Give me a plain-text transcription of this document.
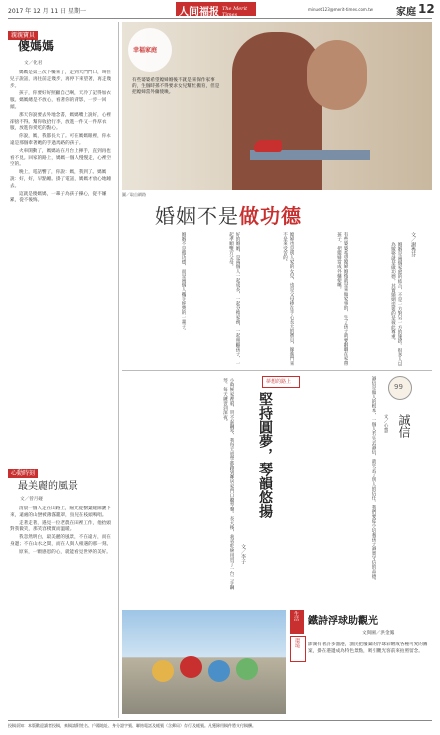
2017 年 12 月 11 日 星期一	人间福报 The Merit Times
minuet123@merit-times.com.tw 家庭 12
親親寶貝
傻媽媽
文／化君

媽媽是第三次下樓來了，走到大門門口，叫住兒子說話，再往前走幾步，再停下來望著，再走幾步。

孩子，你要好好照顧自己啊，天冷了記得加衣服。媽媽總是不放心，看著你的背影，一步一回頭。

那天你說要去外地念書，媽媽嘴上說好，心裡卻捨不得。幫你收拾行李，放進一件又一件厚衣服，放進你愛吃的點心。

你說，媽，我都長大了。可在媽媽眼裡，你永遠是那個牽著她的手過馬路的孩子。

火車開動了，媽媽站在月台上揮手，直到再也看不見。回家的路上，媽媽一個人慢慢走，心裡空空的。

晚上，電話響了，你說：媽，我到了。媽媽說：好，好，早點睡。掛了電話，媽媽才放心地睡去。

這就是傻媽媽，一輩子為孩子操心，從不嫌累，從不後悔。

心動時刻
最美麗的風景
文／曾月碰

清晨一個人走在山路上，陽光從樹葉縫隙灑下來，遠處的山巒被薄霧籠罩，鳥兒在枝頭鳴唱。

走著走著，遇見一位老農在田裡工作，他抬頭對我微笑，那笑容樸實而溫暖。

我忽然明白，最美麗的風景，不在遠方，而在身邊；不在山水之間，而在人與人相遇的那一刻。

原來，一顆感恩的心，就能看見世界的美好。

幸福家庭
有些婆婆希望媳婦婚後不就是來保作家事的，生個時孫不得要求女兒幫忙搬育，但是把媳婦當外傭使喚。
圖／取自網路
婚姻不是做功德
婚姻是兩個家庭的結合，不是一方對另一方的施捨。很多人以為嫁娶就是做功德，其實婚姻需要的是彼此尊重。
有些婆婆希望媳婦婚後就是來做家事的，生了孩子就要辭職在家帶孩子，把媳婦當成外傭使喚。
媳婦也是別人家的女兒，也是父母捧在手心長大的寶貝，嫁進門來不是來受苦的。
好的婚姻，是兩個人一起成長，一起分擔家務，一起照顧孩子，一起孝順雙方父母。
婚姻不是做功德，而是兩個人攜手經營的一輩子。	文／謝秀芬
夢想的路上
堅持圓夢，琴韻悠揚
文／李子
小時候家裡窮，買不起鋼琴，我每天放學都跑到鄰居家門口聽琴聲。長大後，我省吃儉用買了一台二手鋼琴，每天練習到深夜。	99
誠信
文／心慧
誠信是做人的根本，一個人若失去誠信，就失去了別人的信任。我們要從小培養孩子誠實守信的品德。
生活
環境
鐵詩浮球助觀光
文與圖／洪金鳳
澎湖有著許多漁港，漁民把廢棄的浮球彩繪成各種可愛的圖案，掛在港邊成為特色景點，吸引觀光客前來拍照留念。
投稿須知：本版歡迎讀者投稿，來稿請附姓名、戶籍地址、身分證字號、聯絡電話及帳號（含郵局）存行及帳號。凡獲錄用稿件將支付稿酬。
